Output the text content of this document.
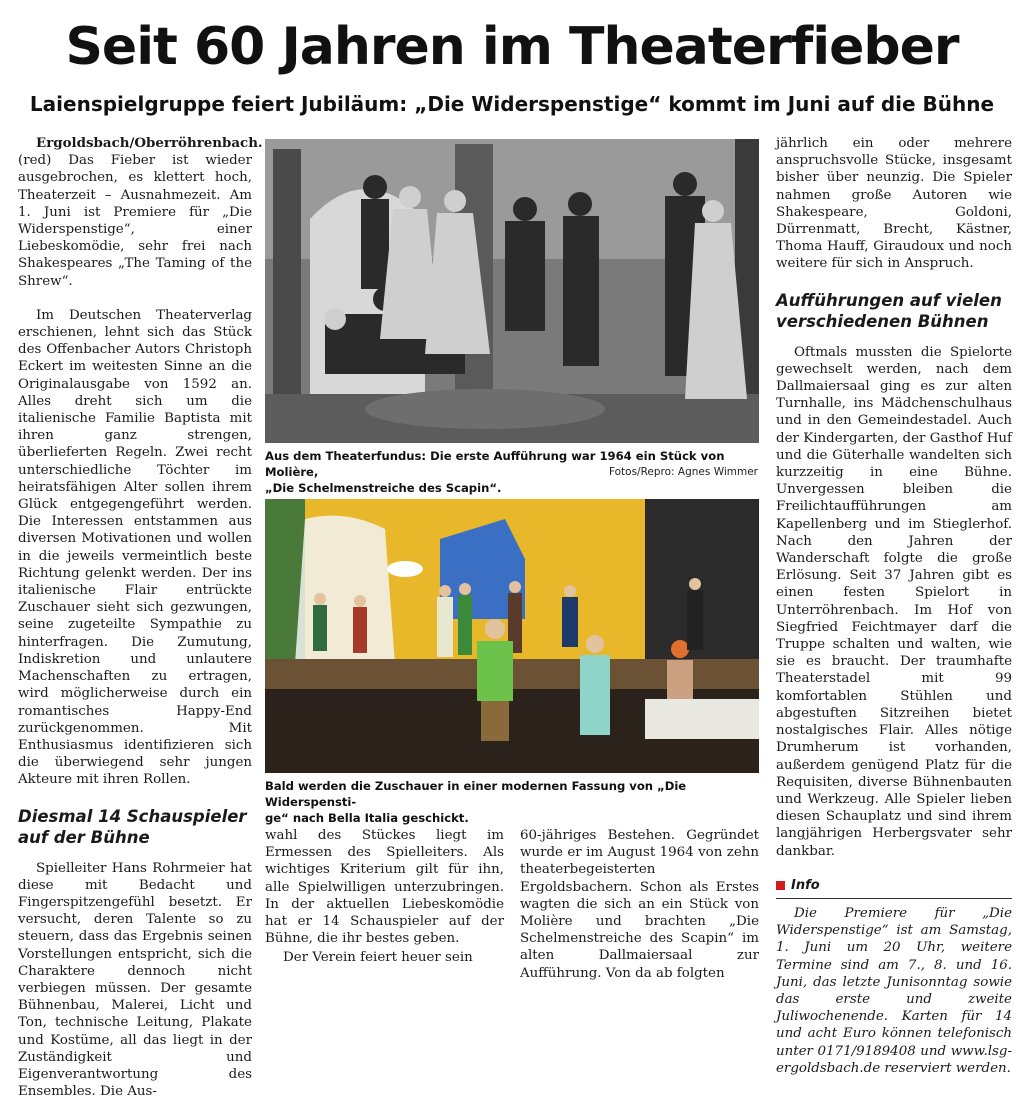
Seit 60 Jahren im Theaterfieber
Laienspielgruppe feiert Jubiläum: „Die Widerspenstige“ kommt im Juni auf die Bühne

Ergoldsbach/Oberröhrenbach.
(red) Das Fieber ist wieder ausgebrochen, es klettert hoch, Theaterzeit – Ausnahmezeit. Am 1. Juni ist Premiere für „Die Widerspenstige“, einer Liebeskomödie, sehr frei nach Shakespeares „The Taming of the Shrew“.

Im Deutschen Theaterverlag erschienen, lehnt sich das Stück des Offenbacher Autors Christoph Eckert im weitesten Sinne an die Originalausgabe von 1592 an. Alles dreht sich um die italienische Familie Baptista mit ihren ganz strengen, überlieferten Regeln. Zwei recht unterschiedliche Töchter im heiratsfähigen Alter sollen ihrem Glück entgegengeführt werden. Die Interessen entstammen aus diversen Motivationen und wollen in die jeweils vermeintlich beste Richtung gelenkt werden. Der ins italienische Flair entrückte Zuschauer sieht sich gezwungen, seine zugeteilte Sympathie zu hinterfragen. Die Zumutung, Indiskretion und unlautere Machenschaften zu ertragen, wird möglicherweise durch ein romantisches Happy-End zurückgenommen. Mit Enthusiasmus identifizieren sich die überwiegend sehr jungen Akteure mit ihren Rollen.

Diesmal 14 Schauspieler auf der Bühne

Spielleiter Hans Rohrmeier hat diese mit Bedacht und Fingerspitzengefühl besetzt. Er versucht, deren Talente so zu steuern, dass das Ergebnis seinen Vorstellungen entspricht, sich die Charaktere dennoch nicht verbiegen müssen. Der gesamte Bühnenbau, Malerei, Licht und Ton, technische Leitung, Plakate und Kostüme, all das liegt in der Zuständigkeit und Eigenverantwortung des Ensembles. Die Aus-

Aus dem Theaterfundus: Die erste Aufführung war 1964 ein Stück von Molière,
„Die Schelmenstreiche des Scapin“.
Fotos/Repro: Agnes Wimmer
Bald werden die Zuschauer in einer modernen Fassung von „Die Widerspensti-
ge“ nach Bella Italia geschickt.

wahl des Stückes liegt im Ermessen des Spielleiters. Als wichtiges Kriterium gilt für ihn, alle Spielwilligen unterzubringen. In der aktuellen Liebeskomödie hat er 14 Schauspieler auf der Bühne, die ihr bestes geben.

Der Verein feiert heuer sein

60-jähriges Bestehen. Gegründet wurde er im August 1964 von zehn theaterbegeisterten Ergoldsbachern. Schon als Erstes wagten die sich an ein Stück von Molière und brachten „Die Schelmenstreiche des Scapin“ im alten Dallmaiersaal zur Aufführung. Von da ab folgten

jährlich ein oder mehrere anspruchsvolle Stücke, insgesamt bisher über neunzig. Die Spieler nahmen große Autoren wie Shakespeare, Goldoni, Dürrenmatt, Brecht, Kästner, Thoma Hauff, Giraudoux und noch weitere für sich in Anspruch.

Aufführungen auf vielen verschiedenen Bühnen

Oftmals mussten die Spielorte gewechselt werden, nach dem Dallmaiersaal ging es zur alten Turnhalle, ins Mädchenschulhaus und in den Gemeindestadel. Auch der Kindergarten, der Gasthof Huf und die Güterhalle wandelten sich kurzzeitig in eine Bühne. Unvergessen bleiben die Freilichtaufführungen am Kapellenberg und im Stieglerhof. Nach den Jahren der Wanderschaft folgte die große Erlösung. Seit 37 Jahren gibt es einen festen Spielort in Unterröhrenbach. Im Hof von Siegfried Feichtmayer darf die Truppe schalten und walten, wie sie es braucht. Der traumhafte Theaterstadel mit 99 komfortablen Stühlen und abgestuften Sitzreihen bietet nostalgisches Flair. Alles nötige Drumherum ist vorhanden, außerdem genügend Platz für die Requisiten, diverse Bühnenbauten und Werkzeug. Alle Spieler lieben diesen Schauplatz und sind ihrem langjährigen Herbergsvater sehr dankbar.

Info

Die Premiere für „Die Widerspenstige“ ist am Samstag, 1. Juni um 20 Uhr, weitere Termine sind am 7., 8. und 16. Juni, das letzte Junisonntag sowie das erste und zweite Juliwochenende. Karten für 14 und acht Euro können telefonisch unter 0171/9189408 und www.lsg-ergoldsbach.de reserviert werden.
